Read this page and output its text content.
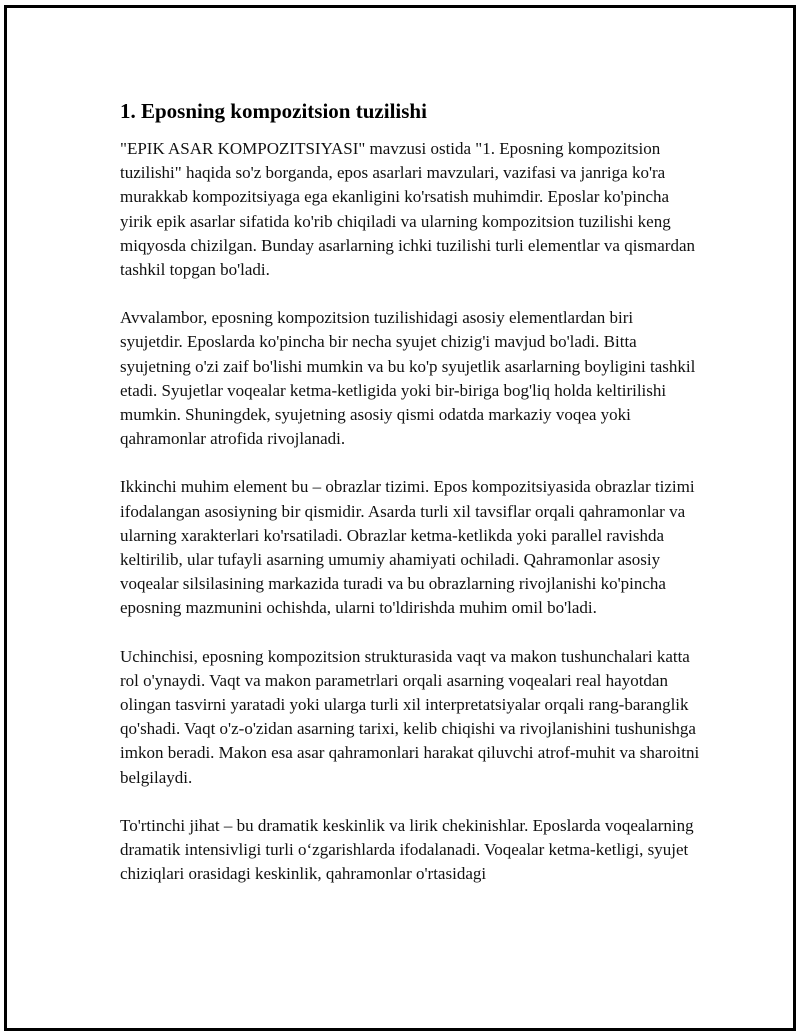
1. Eposning kompozitsion tuzilishi

"EPIK ASAR KOMPOZITSIYASI" mavzusi ostida "1. Eposning kompozitsion tuzilishi" haqida so'z borganda, epos asarlari mavzulari, vazifasi va janriga ko'ra murakkab kompozitsiyaga ega ekanligini ko'rsatish muhimdir. Eposlar ko'pincha yirik epik asarlar sifatida ko'rib chiqiladi va ularning kompozitsion tuzilishi keng miqyosda chizilgan. Bunday asarlarning ichki tuzilishi turli elementlar va qismardan tashkil topgan bo'ladi.

Avvalambor, eposning kompozitsion tuzilishidagi asosiy elementlardan biri syujetdir. Eposlarda ko'pincha bir necha syujet chizig'i mavjud bo'ladi. Bitta syujetning o'zi zaif bo'lishi mumkin va bu ko'p syujetlik asarlarning boyligini tashkil etadi. Syujetlar voqealar ketma-ketligida yoki bir-biriga bog'liq holda keltirilishi mumkin. Shuningdek, syujetning asosiy qismi odatda markaziy voqea yoki qahramonlar atrofida rivojlanadi.

Ikkinchi muhim element bu – obrazlar tizimi. Epos kompozitsiyasida obrazlar tizimi ifodalangan asosiyning bir qismidir. Asarda turli xil tavsiflar orqali qahramonlar va ularning xarakterlari ko'rsatiladi. Obrazlar ketma-ketlikda yoki parallel ravishda keltirilib, ular tufayli asarning umumiy ahamiyati ochiladi. Qahramonlar asosiy voqealar silsilasining markazida turadi va bu obrazlarning rivojlanishi ko'pincha eposning mazmunini ochishda, ularni to'ldirishda muhim omil bo'ladi.

Uchinchisi, eposning kompozitsion strukturasida vaqt va makon tushunchalari katta rol o'ynaydi. Vaqt va makon parametrlari orqali asarning voqealari real hayotdan olingan tasvirni yaratadi yoki ularga turli xil interpretatsiyalar orqali rang-baranglik qo'shadi. Vaqt o'z-o'zidan asarning tarixi, kelib chiqishi va rivojlanishini tushunishga imkon beradi. Makon esa asar qahramonlari harakat qiluvchi atrof-muhit va sharoitni belgilaydi.

To'rtinchi jihat – bu dramatik keskinlik va lirik chekinishlar. Eposlarda voqealarning dramatik intensivligi turli o‘zgarishlarda ifodalanadi. Voqealar ketma-ketligi, syujet chiziqlari orasidagi keskinlik, qahramonlar o'rtasidagi
